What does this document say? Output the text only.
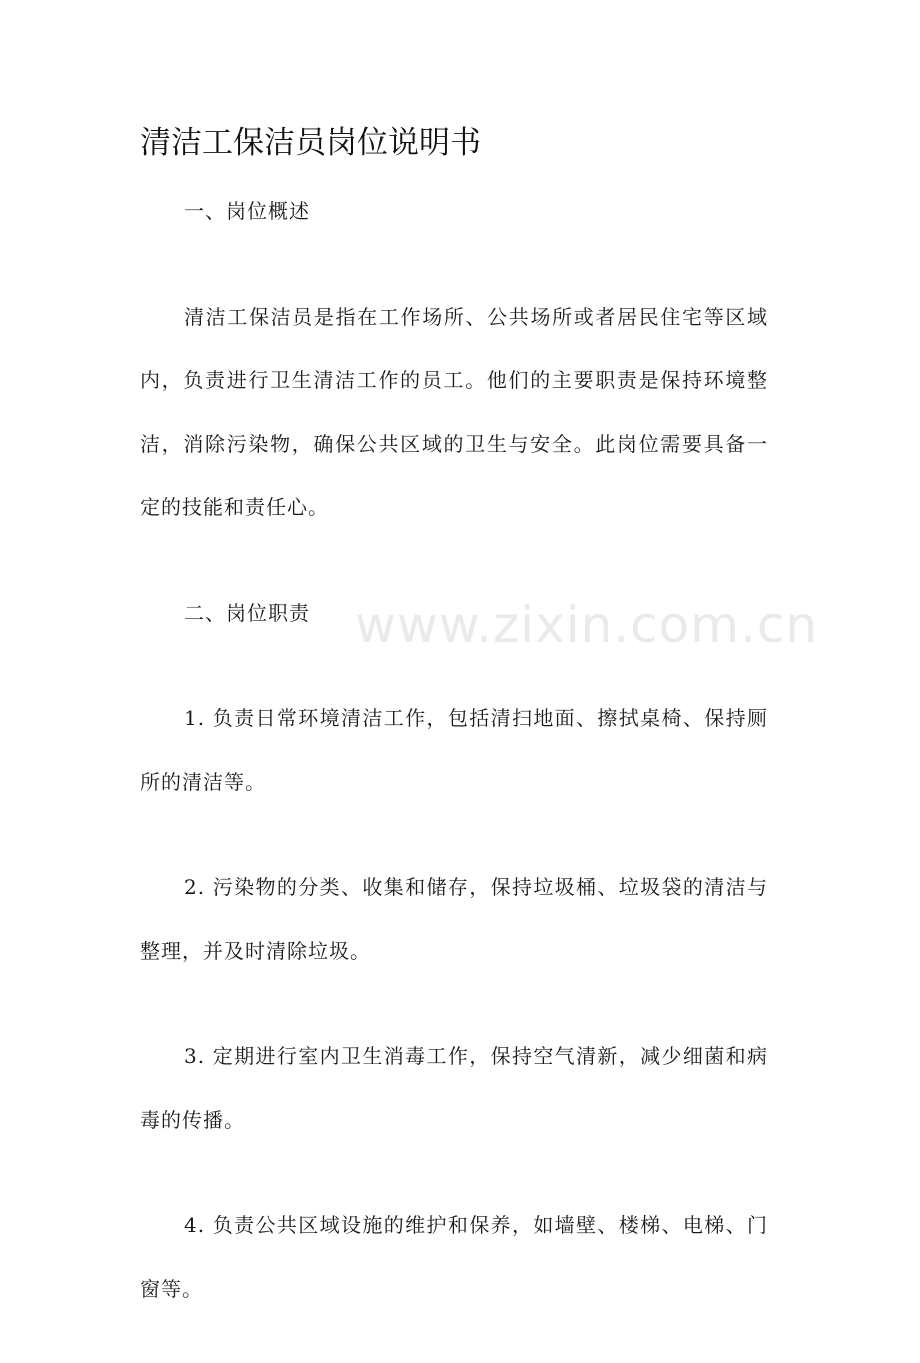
清洁工保洁员岗位说明书

一、岗位概述

清洁工保洁员是指在工作场所、公共场所或者居民住宅等区域内，负责进行卫生清洁工作的员工。他们的主要职责是保持环境整洁，消除污染物，确保公共区域的卫生与安全。此岗位需要具备一定的技能和责任心。

二、岗位职责

1. 负责日常环境清洁工作，包括清扫地面、擦拭桌椅、保持厕所的清洁等。

2. 污染物的分类、收集和储存，保持垃圾桶、垃圾袋的清洁与整理，并及时清除垃圾。

3. 定期进行室内卫生消毒工作，保持空气清新，减少细菌和病毒的传播。

4. 负责公共区域设施的维护和保养，如墙壁、楼梯、电梯、门窗等。

www.zixin.com.cn
